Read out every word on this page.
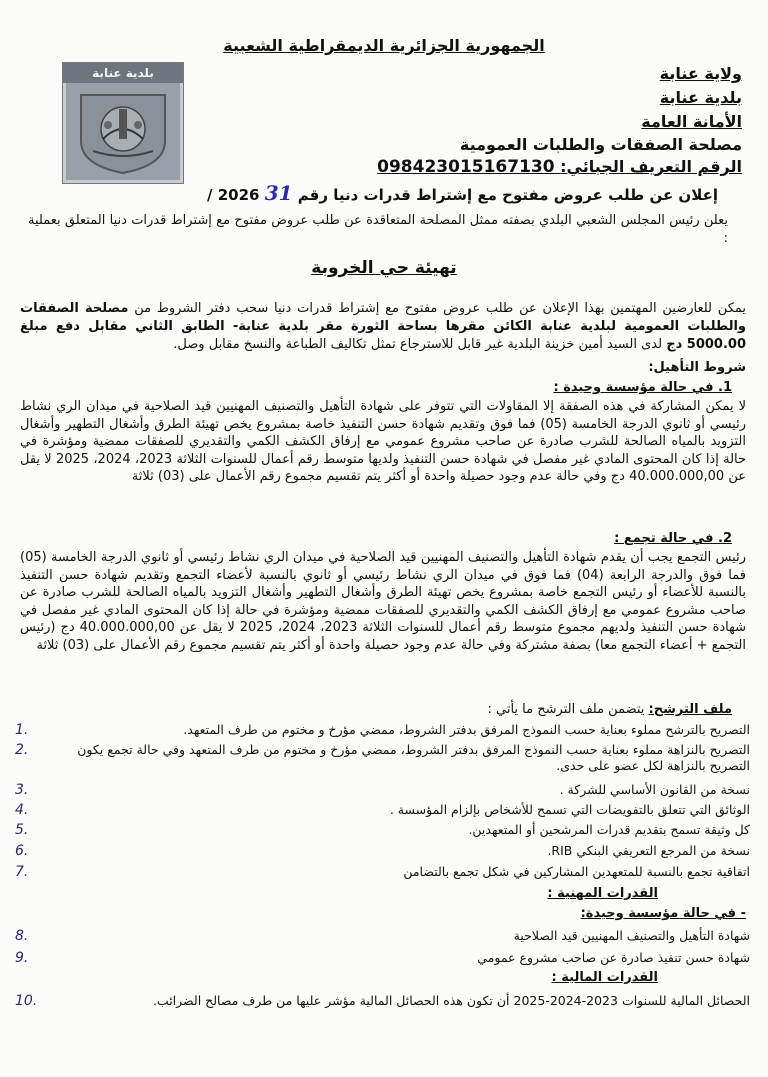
الجمهورية الجزائرية الديمقراطية الشعبية
بلدية عنابة	ولاية عنابة
بلدية عنابة
الأمانة العامة
مصلحة الصفقات والطلبات العمومية
الرقم التعريف الجبائي: 098423015167130
إعلان عن طلب عروض مفتوح مع إشتراط قدرات دنيا رقم 31 / 2026
يعلن رئيس المجلس الشعبي البلدي بصفته ممثل المصلحة المتعاقدة عن طلب عروض مفتوح مع إشتراط قدرات دنيا المتعلق بعملية :
تهيئة حي الخروبة
يمكن للعارضين المهتمين بهذا الإعلان عن طلب عروض مفتوح مع إشتراط قدرات دنيا سحب دفتر الشروط من مصلحة الصفقات والطلبات العمومية لبلدية عنابة الكائن مقرها بساحة الثورة مقر بلدية عنابة- الطابق الثاني مقابل دفع مبلغ 5000.00 دج لدى السيد أمين خزينة البلدية غير قابل للاسترجاع تمثل تكاليف الطباعة والنسخ مقابل وصل.
شروط التأهيل:
1. في حالة مؤسسة وحيدة :
لا يمكن المشاركة في هذه الصفقة إلا المقاولات التي تتوفر على شهادة التأهيل والتصنيف المهنيين قيد الصلاحية في ميدان الري نشاط رئيسي أو ثانوي الدرجة الخامسة (05) فما فوق وتقديم شهادة حسن التنفيذ خاصة بمشروع يخص تهيئة الطرق وأشغال التطهير وأشغال التزويد بالمياه الصالحة للشرب صادرة عن صاحب مشروع عمومي مع إرفاق الكشف الكمي والتقديري للصفقات ممضية ومؤشرة في حالة إذا كان المحتوى المادي غير مفصل في شهادة حسن التنفيذ ولديها متوسط رقم أعمال للسنوات الثلاثة 2023، 2024، 2025 لا يقل عن 40.000.000,00 دج وفي حالة عدم وجود حصيلة واحدة أو أكثر يتم تقسيم مجموع رقم الأعمال على (03) ثلاثة
2. في حالة تجمع :
رئيس التجمع يجب أن يقدم شهادة التأهيل والتصنيف المهنيين قيد الصلاحية في ميدان الري نشاط رئيسي أو ثانوي الدرجة الخامسة (05) فما فوق والدرجة الرابعة (04) فما فوق في ميدان الري نشاط رئيسي أو ثانوي بالنسبة لأعضاء التجمع وتقديم شهادة حسن التنفيذ بالنسبة للأعضاء أو رئيس التجمع خاصة بمشروع يخص تهيئة الطرق وأشغال التطهير وأشغال التزويد بالمياه الصالحة للشرب صادرة عن صاحب مشروع عمومي مع إرفاق الكشف الكمي والتقديري للصفقات ممضية ومؤشرة في حالة إذا كان المحتوى المادي غير مفصل في شهادة حسن التنفيذ ولديهم مجموع متوسط رقم أعمال للسنوات الثلاثة 2023، 2024، 2025 لا يقل عن 40.000.000,00 دج (رئيس التجمع + أعضاء التجمع معا) بصفة مشتركة وفي حالة عدم وجود حصيلة واحدة أو أكثر يتم تقسيم مجموع رقم الأعمال على (03) ثلاثة
ملف الترشح: يتضمن ملف الترشح ما يأتي :
1.	التصريح بالترشح مملوء بعناية حسب النموذج المرفق بدفتر الشروط، ممضي مؤرخ و مختوم من طرف المتعهد.
2.	التصريح بالنزاهة مملوء بعناية حسب النموذج المرفق بدفتر الشروط، ممضي مؤرخ و مختوم من طرف المتعهد وفي حالة تجمع يكون التصريح بالنزاهة لكل عضو على حدى.
3.	نسخة من القانون الأساسي للشركة .
4.	الوثائق التي تتعلق بالتفويضات التي تسمح للأشخاص بإلزام المؤسسة .
5.	كل وثيقة تسمح بتقديم قدرات المرشحين أو المتعهدين.
6.	نسخة من المرجع التعريفي البنكي RIB.
7.	اتفاقية تجمع بالنسبة للمتعهدين المشاركين في شكل تجمع بالتضامن
القدرات المهنية :
- في حالة مؤسسة وحيدة:
8.	شهادة التأهيل والتصنيف المهنيين قيد الصلاحية
9.	شهادة حسن تنفيذ صادرة عن صاحب مشروع عمومي
القدرات المالية :
10.	الحصائل المالية للسنوات 2023-2024-2025 أن تكون هذه الحصائل المالية مؤشر عليها من طرف مصالح الضرائب.
